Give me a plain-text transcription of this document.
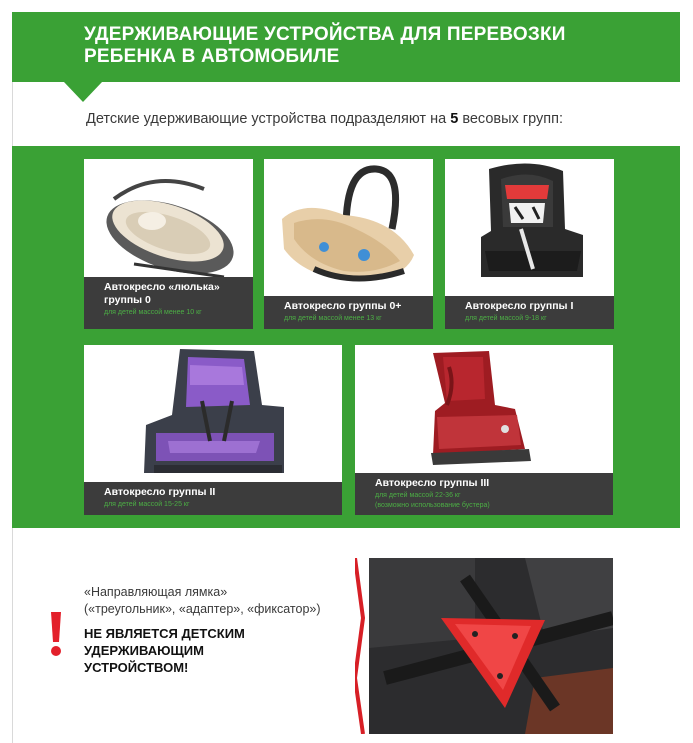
УДЕРЖИВАЮЩИЕ УСТРОЙСТВА ДЛЯ ПЕРЕВОЗКИ
РЕБЕНКА В АВТОМОБИЛЕ
Детские удерживающие устройства подразделяют на 5 весовых групп:
Автокресло «люлька»
группы 0
для детей массой менее 10 кг
Автокресло группы 0+
для детей массой менее 13 кг
Автокресло группы I
для детей массой 9-18 кг
Автокресло группы II
для детей массой 15-25 кг
Автокресло группы III
для детей массой 22-36 кг
(возможно использование бустера)
«Направляющая лямка»
(«треугольник», «адаптер», «фиксатор»)
НЕ ЯВЛЯЕТСЯ ДЕТСКИМ
УДЕРЖИВАЮЩИМ
УСТРОЙСТВОМ!
